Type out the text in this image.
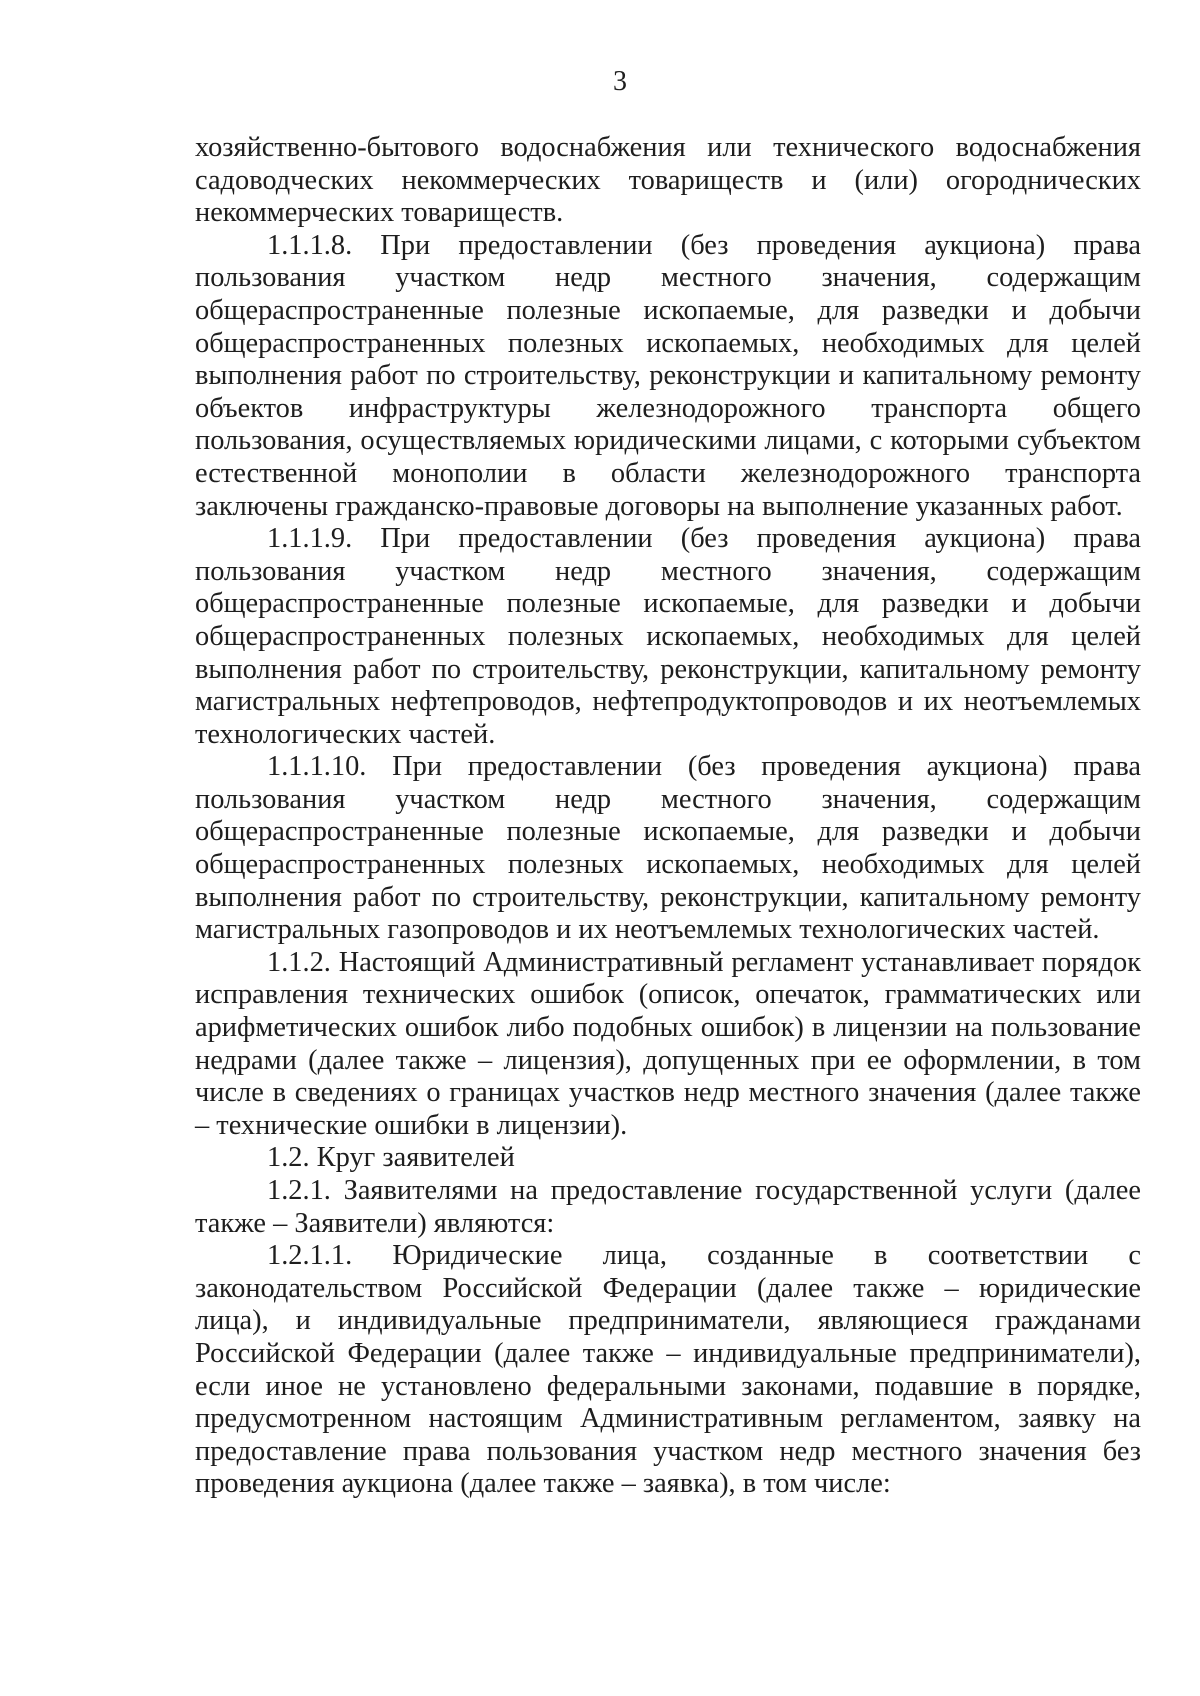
3

хозяйственно-бытового водоснабжения или технического водоснабжения садоводческих некоммерческих товариществ и (или) огороднических некоммерческих товариществ.

1.1.1.8. При предоставлении (без проведения аукциона) права пользования участком недр местного значения, содержащим общераспространенные полезные ископаемые, для разведки и добычи общераспространенных полезных ископаемых, необходимых для целей выполнения работ по строительству, реконструкции и капитальному ремонту объектов инфраструктуры железнодорожного транспорта общего пользования, осуществляемых юридическими лицами, с которыми субъектом естественной монополии в области железнодорожного транспорта заключены гражданско-правовые договоры на выполнение указанных работ.

1.1.1.9. При предоставлении (без проведения аукциона) права пользования участком недр местного значения, содержащим общераспространенные полезные ископаемые, для разведки и добычи общераспространенных полезных ископаемых, необходимых для целей выполнения работ по строительству, реконструкции, капитальному ремонту магистральных нефтепроводов, нефтепродуктопроводов и их неотъемлемых технологических частей.

1.1.1.10. При предоставлении (без проведения аукциона) права пользования участком недр местного значения, содержащим общераспространенные полезные ископаемые, для разведки и добычи общераспространенных полезных ископаемых, необходимых для целей выполнения работ по строительству, реконструкции, капитальному ремонту магистральных газопроводов и их неотъемлемых технологических частей.

1.1.2. Настоящий Административный регламент устанавливает порядок исправления технических ошибок (описок, опечаток, грамматических или арифметических ошибок либо подобных ошибок) в лицензии на пользование недрами (далее также – лицензия), допущенных при ее оформлении, в том числе в сведениях о границах участков недр местного значения (далее также – технические ошибки в лицензии).

1.2. Круг заявителей

1.2.1. Заявителями на предоставление государственной услуги (далее также – Заявители) являются:

1.2.1.1. Юридические лица, созданные в соответствии с законодательством Российской Федерации (далее также – юридические лица), и индивидуальные предприниматели, являющиеся гражданами Российской Федерации (далее также – индивидуальные предприниматели), если иное не установлено федеральными законами, подавшие в порядке, предусмотренном настоящим Административным регламентом, заявку на предоставление права пользования участком недр местного значения без проведения аукциона (далее также – заявка), в том числе:
